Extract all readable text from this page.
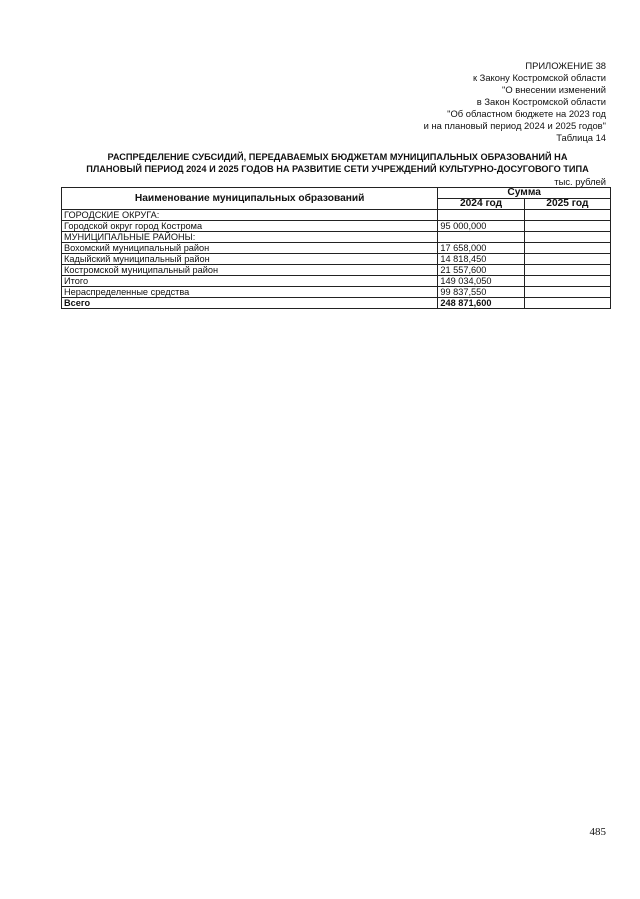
ПРИЛОЖЕНИЕ 38
к Закону Костромской области
"О внесении изменений
в Закон Костромской области
"Об областном бюджете на 2023 год
и на плановый период 2024 и 2025 годов"
Таблица 14
РАСПРЕДЕЛЕНИЕ СУБСИДИЙ, ПЕРЕДАВАЕМЫХ БЮДЖЕТАМ МУНИЦИПАЛЬНЫХ ОБРАЗОВАНИЙ НА
ПЛАНОВЫЙ ПЕРИОД 2024 И 2025 ГОДОВ НА РАЗВИТИЕ СЕТИ УЧРЕЖДЕНИЙ КУЛЬТУРНО-ДОСУГОВОГО ТИПА
тыс. рублей
Наименование муниципальных образований	Сумма	
	2024 год	2025 год
ГОРОДСКИЕ ОКРУГА:		
Городской округ город Кострома	95 000,000	
МУНИЦИПАЛЬНЫЕ РАЙОНЫ:		
Вохомский муниципальный район	17 658,000	
Кадыйский муниципальный район	14 818,450	
Костромской муниципальный район	21 557,600	
Итого	149 034,050	
Нераспределенные средства	99 837,550	
Всего	248 871,600	
485
